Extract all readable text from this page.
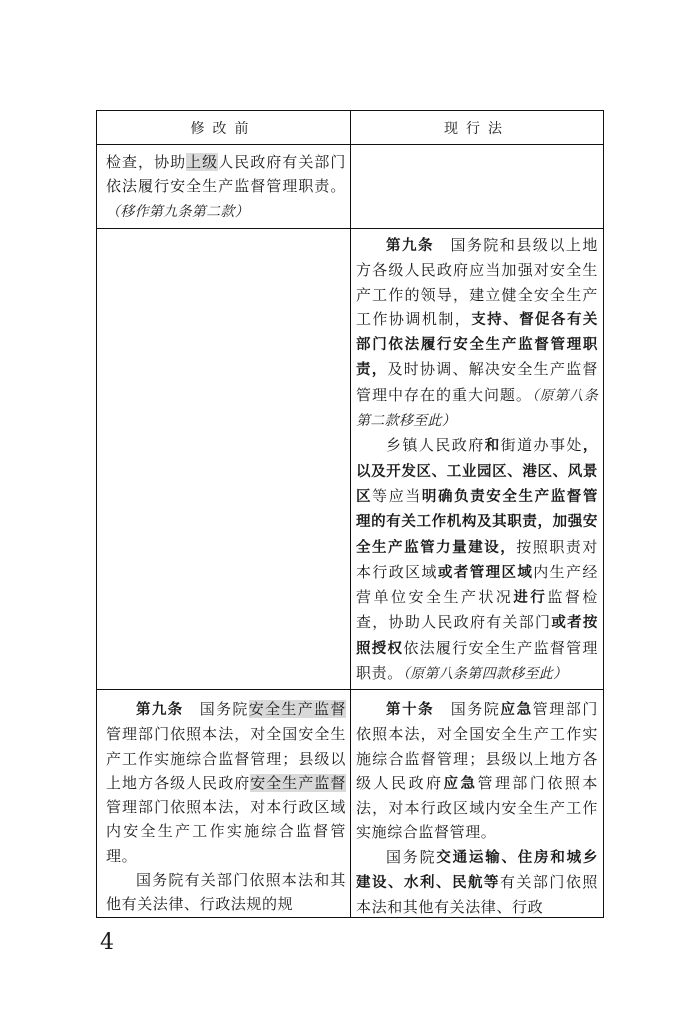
修改前	现行法

检查，协助上级人民政府有关部门依法履行安全生产监督管理职责。（移作第九条第二款）

第九条　国务院和县级以上地方各级人民政府应当加强对安全生产工作的领导，建立健全安全生产工作协调机制，支持、督促各有关部门依法履行安全生产监督管理职责，及时协调、解决安全生产监督管理中存在的重大问题。（原第八条第二款移至此）

乡镇人民政府和街道办事处，以及开发区、工业园区、港区、风景区等应当明确负责安全生产监督管理的有关工作机构及其职责，加强安全生产监管力量建设，按照职责对本行政区域或者管理区域内生产经营单位安全生产状况进行监督检查，协助人民政府有关部门或者按照授权依法履行安全生产监督管理职责。（原第八条第四款移至此）

第九条　国务院安全生产监督管理部门依照本法，对全国安全生产工作实施综合监督管理；县级以上地方各级人民政府安全生产监督管理部门依照本法，对本行政区域内安全生产工作实施综合监督管理。

国务院有关部门依照本法和其他有关法律、行政法规的规

第十条　国务院应急管理部门依照本法，对全国安全生产工作实施综合监督管理；县级以上地方各级人民政府应急管理部门依照本法，对本行政区域内安全生产工作实施综合监督管理。

国务院交通运输、住房和城乡建设、水利、民航等有关部门依照本法和其他有关法律、行政

4
